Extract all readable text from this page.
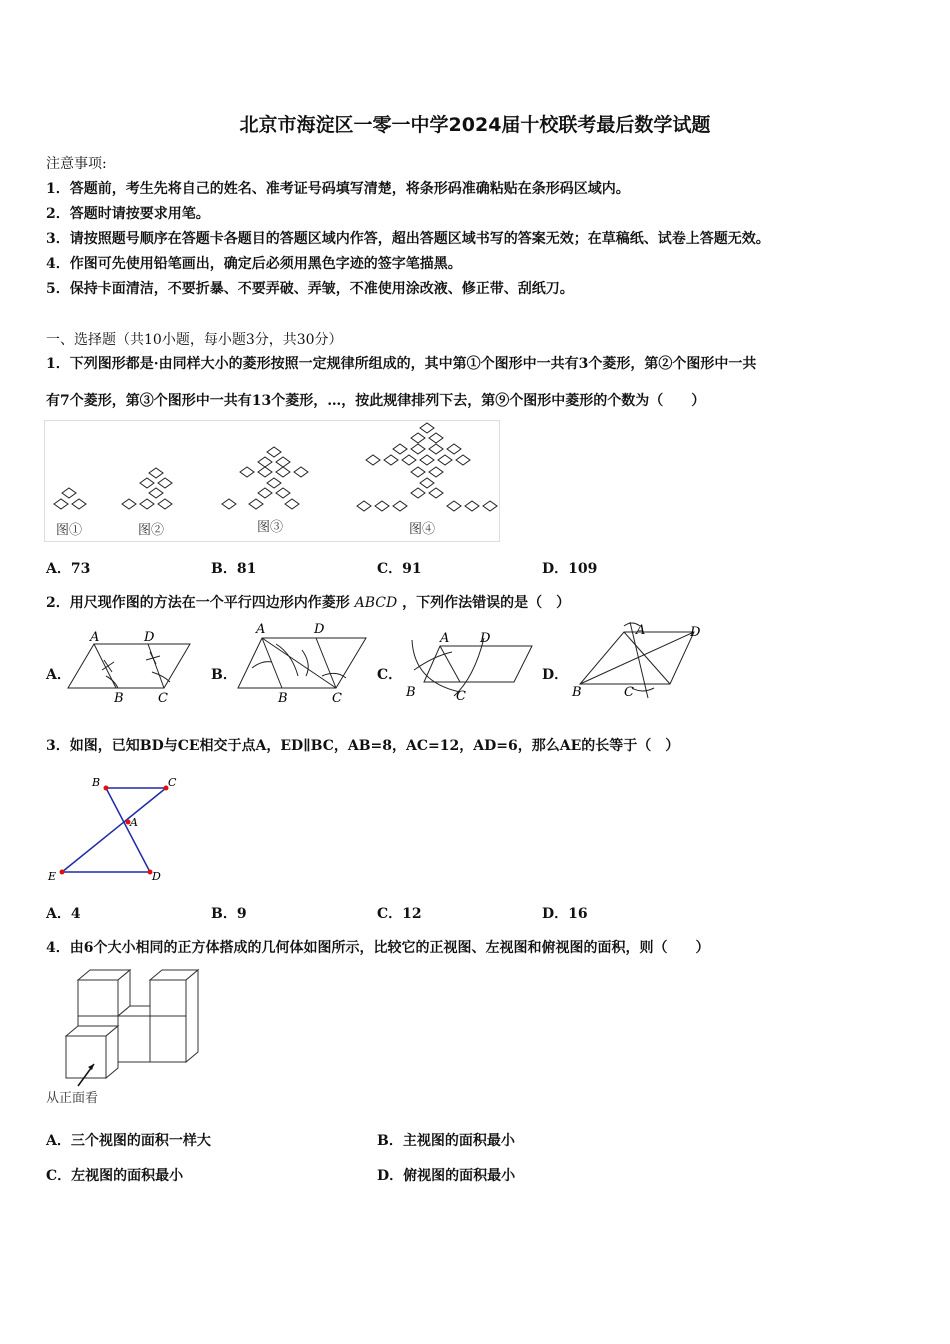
北京市海淀区一零一中学2024届十校联考最后数学试题
注意事项:
1．答题前，考生先将自己的姓名、准考证号码填写清楚，将条形码准确粘贴在条形码区域内。
2．答题时请按要求用笔。
3．请按照题号顺序在答题卡各题目的答题区域内作答，超出答题区域书写的答案无效；在草稿纸、试卷上答题无效。
4．作图可先使用铅笔画出，确定后必须用黑色字迹的签字笔描黑。
5．保持卡面清洁，不要折暴、不要弄破、弄皱，不准使用涂改液、修正带、刮纸刀。
一、选择题（共10小题，每小题3分，共30分）
1．下列图形都是·由同样大小的菱形按照一定规律所组成的，其中第①个图形中一共有3个菱形，第②个图形中一共
有7个菱形，第③个图形中一共有13个菱形，…，按此规律排列下去，第⑨个图形中菱形的个数为（　　）
图①	图②	图③	图④
A．73	B．81	C．91	D．109
2．用尺现作图的方法在一个平行四边形内作菱形 ABCD ，下列作法错误的是（　）
A．	B．	C．	D．
A	D
B	C
A	D
B	C
A D
B	C
A	D
B	C
3．如图，已知BD与CE相交于点A，ED∥BC，AB=8，AC=12，AD=6，那么AE的长等于（　）
B	C
A
E	D
A．4	B．9	C．12	D．16
4．由6个大小相同的正方体搭成的几何体如图所示，比较它的正视图、左视图和俯视图的面积，则（　　）
从正面看
A．三个视图的面积一样大	B．主视图的面积最小
C．左视图的面积最小	D．俯视图的面积最小
